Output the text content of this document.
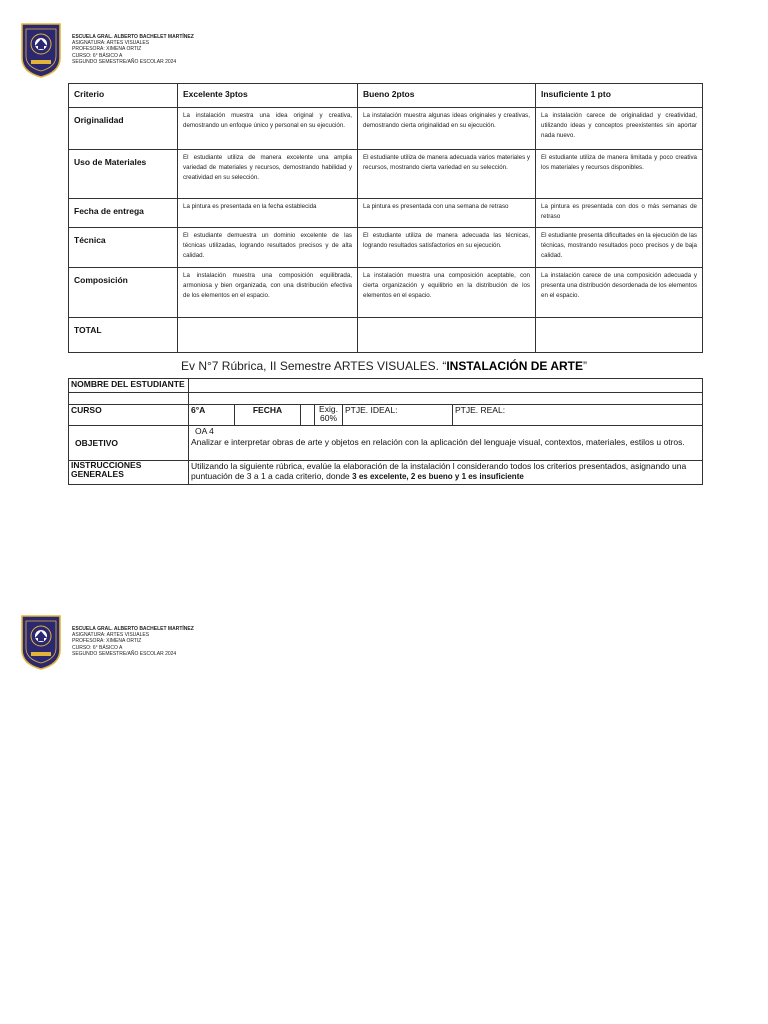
ESCUELA GRAL. ALBERTO BACHELET MARTÍNEZ
ASIGNATURA: ARTES VISUALES
PROFESORA: XIMENA ORTIZ
CURSO: 6° BÁSICO A
SEGUNDO SEMESTRE/AÑO ESCOLAR 2024
Criterio	Excelente 3ptos	Bueno 2ptos	Insuficiente 1 pto
Originalidad	La instalación muestra una idea original y creativa, demostrando un enfoque único y personal en su ejecución.	La instalación muestra algunas ideas originales y creativas, demostrando cierta originalidad en su ejecución.	La instalación carece de originalidad y creatividad, utilizando ideas y conceptos preexistentes sin aportar nada nuevo.
Uso de Materiales	El estudiante utiliza de manera excelente una amplia variedad de materiales y recursos, demostrando habilidad y creatividad en su selección.	El estudiante utiliza de manera adecuada varios materiales y recursos, mostrando cierta variedad en su selección.	El estudiante utiliza de manera limitada y poco creativa los materiales y recursos disponibles.
Fecha de entrega	La pintura es presentada en la fecha establecida	La pintura es presentada con una semana de retraso	La pintura es presentada con dos o más semanas de retraso
Técnica	El estudiante demuestra un dominio excelente de las técnicas utilizadas, logrando resultados precisos y de alta calidad.	El estudiante utiliza de manera adecuada las técnicas, logrando resultados satisfactorios en su ejecución.	El estudiante presenta dificultades en la ejecución de las técnicas, mostrando resultados poco precisos y de baja calidad.
Composición	La instalación muestra una composición equilibrada, armoniosa y bien organizada, con una distribución efectiva de los elementos en el espacio.	La instalación muestra una composición aceptable, con cierta organización y equilibrio en la distribución de los elementos en el espacio.	La instalación carece de una composición adecuada y presenta una distribución desordenada de los elementos en el espacio.
TOTAL			
Ev N°7 Rúbrica, II Semestre ARTES VISUALES. “INSTALACIÓN DE ARTE”
NOMBRE DEL ESTUDIANTE						

CURSO	6°A	FECHA		Exig. 60%	PTJE. IDEAL:	PTJE. REAL:
OBJETIVO	OA 4
Analizar e interpretar obras de arte y objetos en relación con la aplicación del lenguaje visual, contextos, materiales, estilos u otros.					

INSTRUCCIONES GENERALES	Utilizando la siguiente rúbrica, evalúe la elaboración de la instalación l considerando todos los criterios presentados, asignando una puntuación de 3 a 1 a cada criterio, donde 3 es excelente, 2 es bueno y 1 es insuficiente					
ESCUELA GRAL. ALBERTO BACHELET MARTÍNEZ
ASIGNATURA: ARTES VISUALES
PROFESORA: XIMENA ORTIZ
CURSO: 6° BÁSICO A
SEGUNDO SEMESTRE/AÑO ESCOLAR 2024
